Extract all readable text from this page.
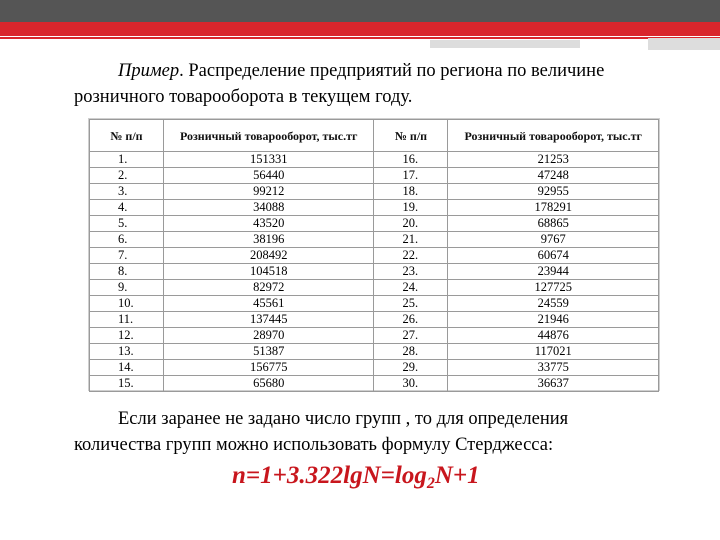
Пример. Распределение предприятий по региона по величине
розничного товарооборота в текущем году.
№ п/п	Розничный товарооборот, тыс.тг	№ п/п	Розничный товарооборот, тыс.тг
1.	151331	16.	21253
2.	56440	17.	47248
3.	99212	18.	92955
4.	34088	19.	178291
5.	43520	20.	68865
6.	38196	21.	9767
7.	208492	22.	60674
8.	104518	23.	23944
9.	82972	24.	127725
10.	45561	25.	24559
11.	137445	26.	21946
12.	28970	27.	44876
13.	51387	28.	117021
14.	156775	29.	33775
15.	65680	30.	36637
Если заранее не задано число групп , то для определения
количества групп можно использовать формулу Стерджесса:
$n=1+3.322\lg N=\log_2N+1$
